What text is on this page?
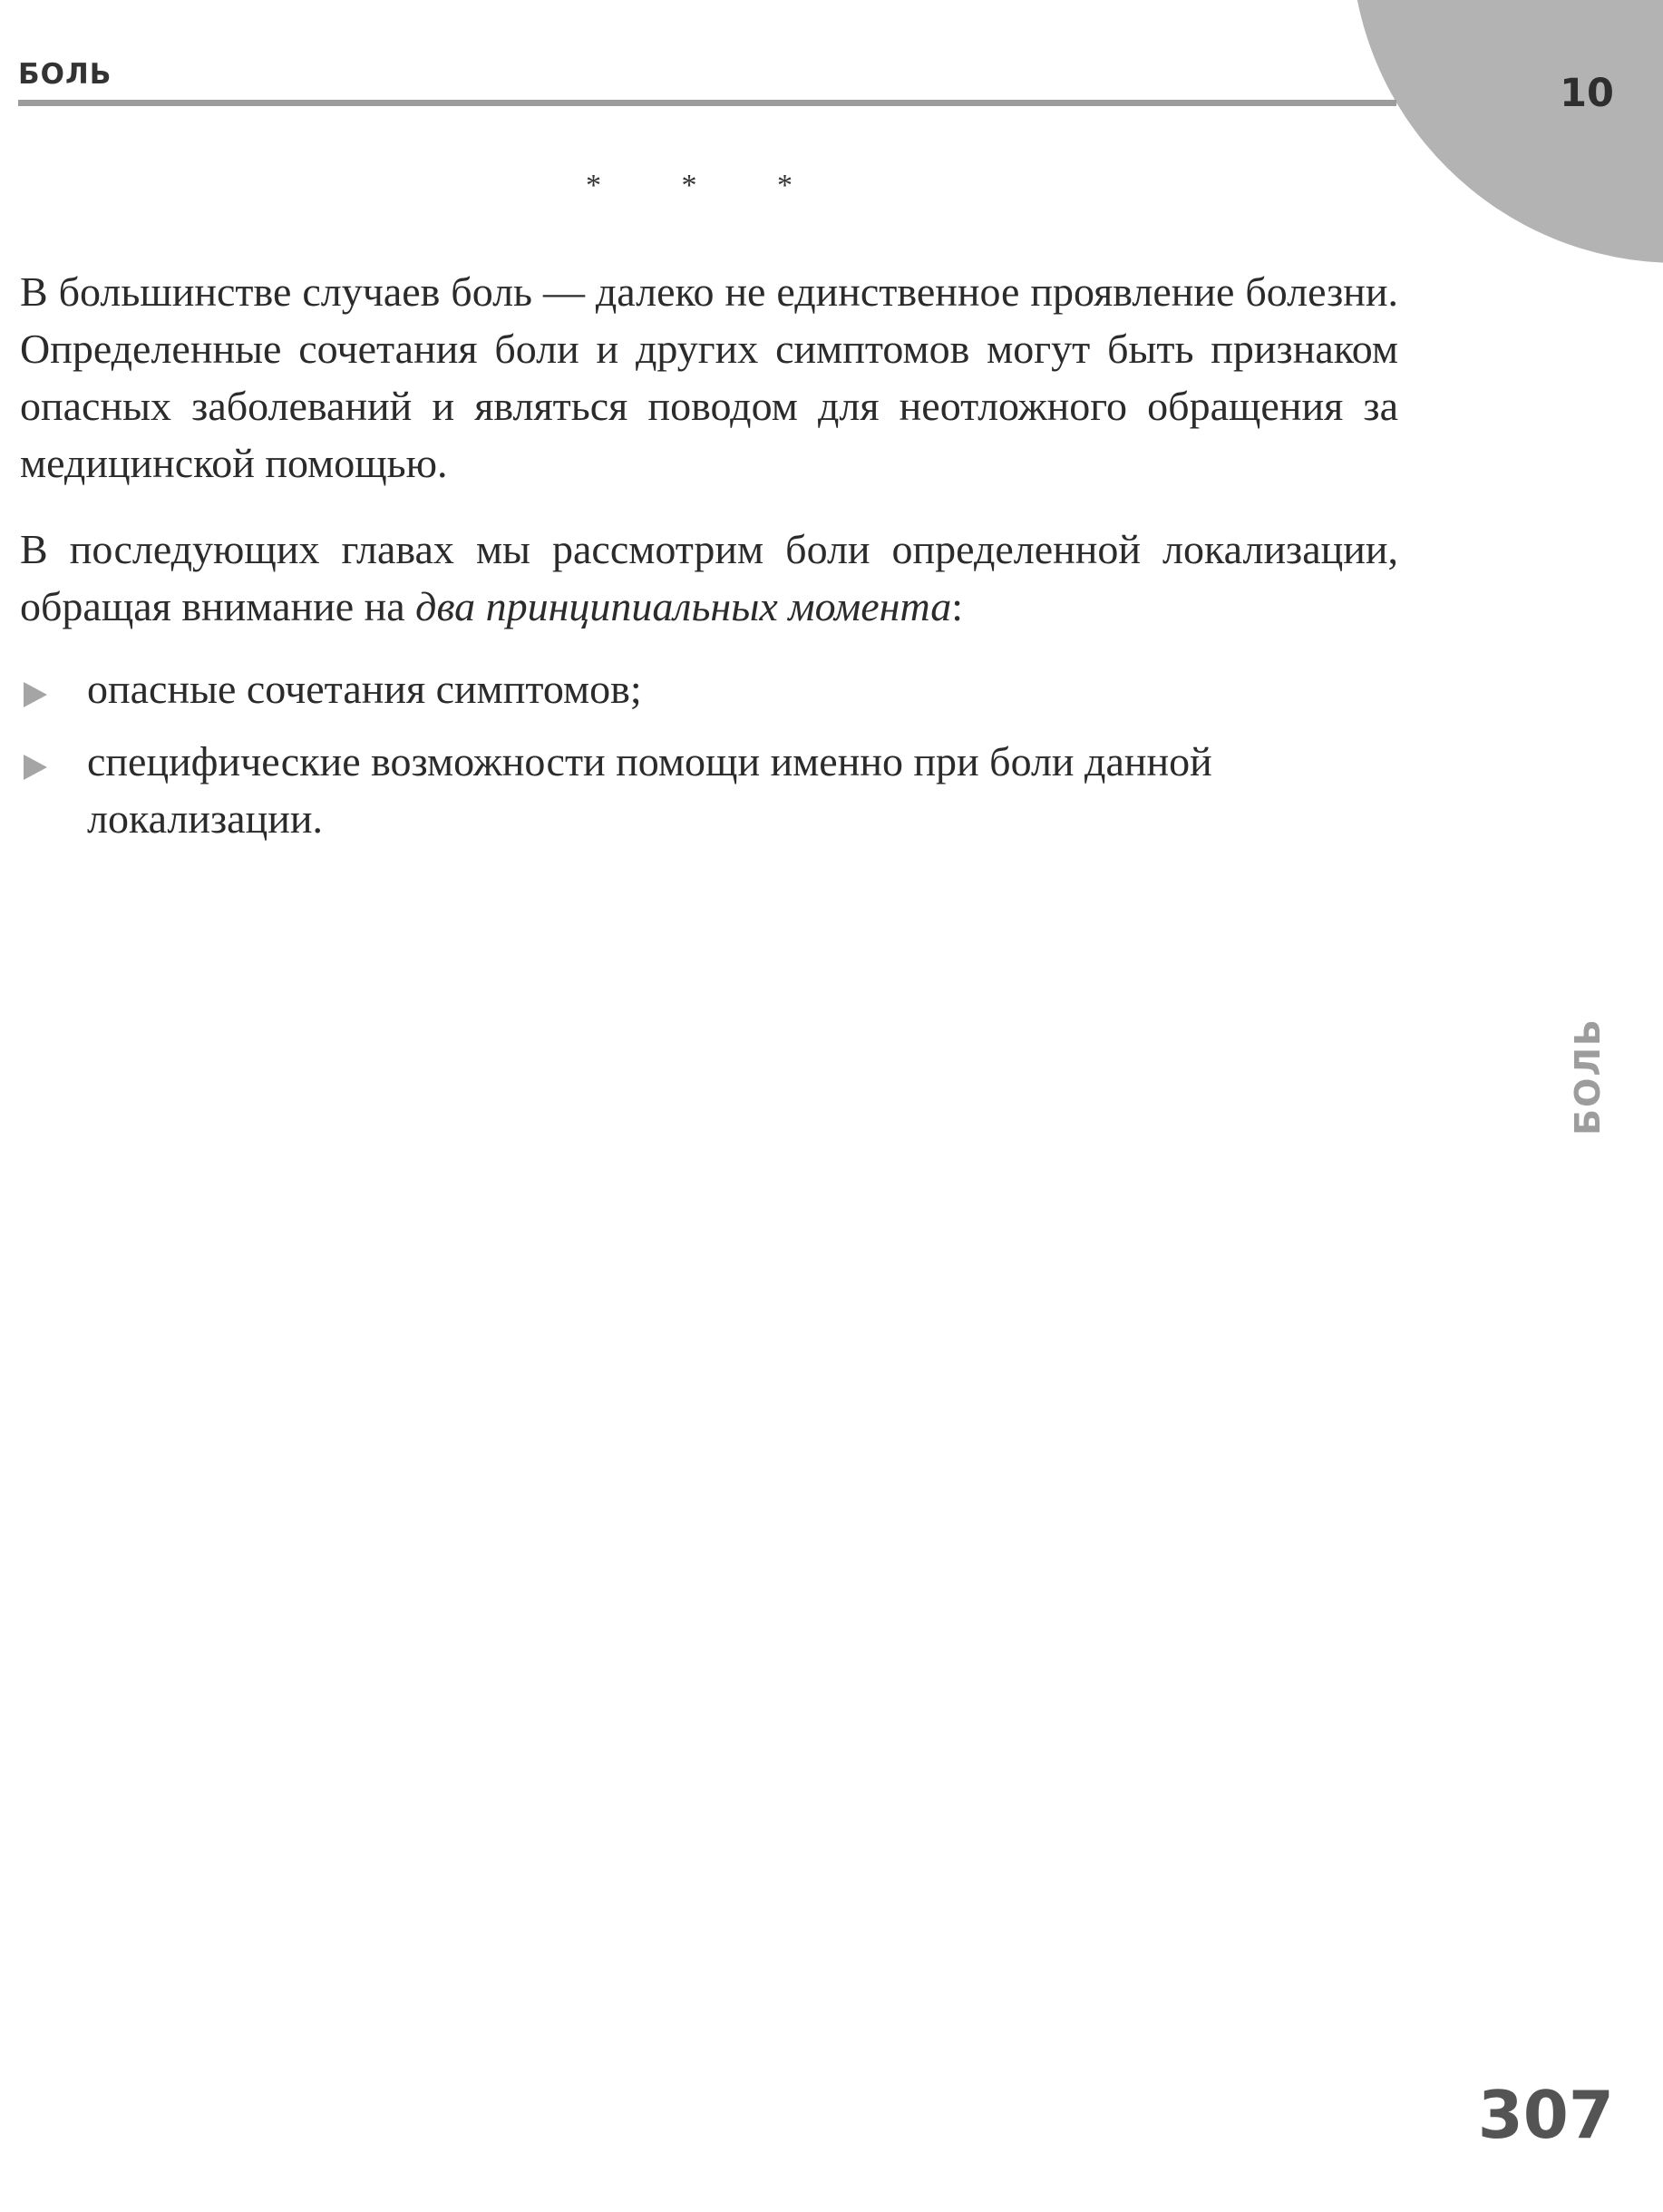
10
БОЛЬ

* * *

В большинстве случаев боль — далеко не единственное проявление болезни. Определенные сочетания боли и других симптомов могут быть признаком опасных заболеваний и являться поводом для неотложного обращения за медицинской помощью.

В последующих главах мы рассмотрим боли определенной локализации, обращая внимание на два принципиальных момента:

опасные сочетания симптомов;
специфические возможности помощи именно при боли данной локализации.
БОЛЬ
307
